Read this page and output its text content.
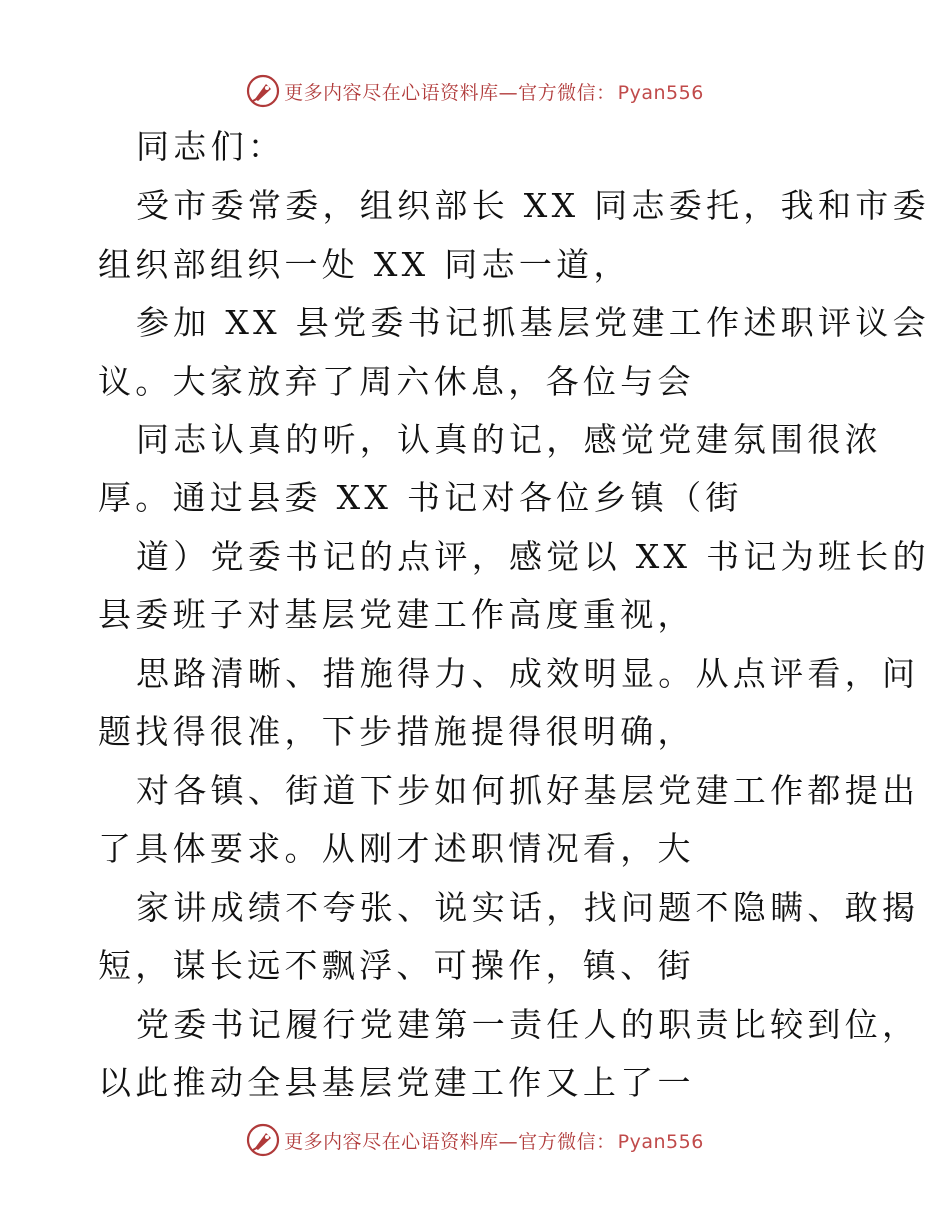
更多内容尽在心语资料库—官方微信： Pyan556
同志们：
受市委常委，组织部长 XX 同志委托，我和市委
组织部组织一处 XX 同志一道，
参加 XX 县党委书记抓基层党建工作述职评议会
议。大家放弃了周六休息，各位与会
同志认真的听，认真的记，感觉党建氛围很浓
厚。通过县委 XX 书记对各位乡镇（街
道）党委书记的点评，感觉以 XX 书记为班长的
县委班子对基层党建工作高度重视，
思路清晰、措施得力、成效明显。从点评看，问
题找得很准，下步措施提得很明确，
对各镇、街道下步如何抓好基层党建工作都提出
了具体要求。从刚才述职情况看，大
家讲成绩不夸张、说实话，找问题不隐瞒、敢揭
短，谋长远不飘浮、可操作，镇、街
党委书记履行党建第一责任人的职责比较到位，
以此推动全县基层党建工作又上了一
更多内容尽在心语资料库—官方微信： Pyan556
